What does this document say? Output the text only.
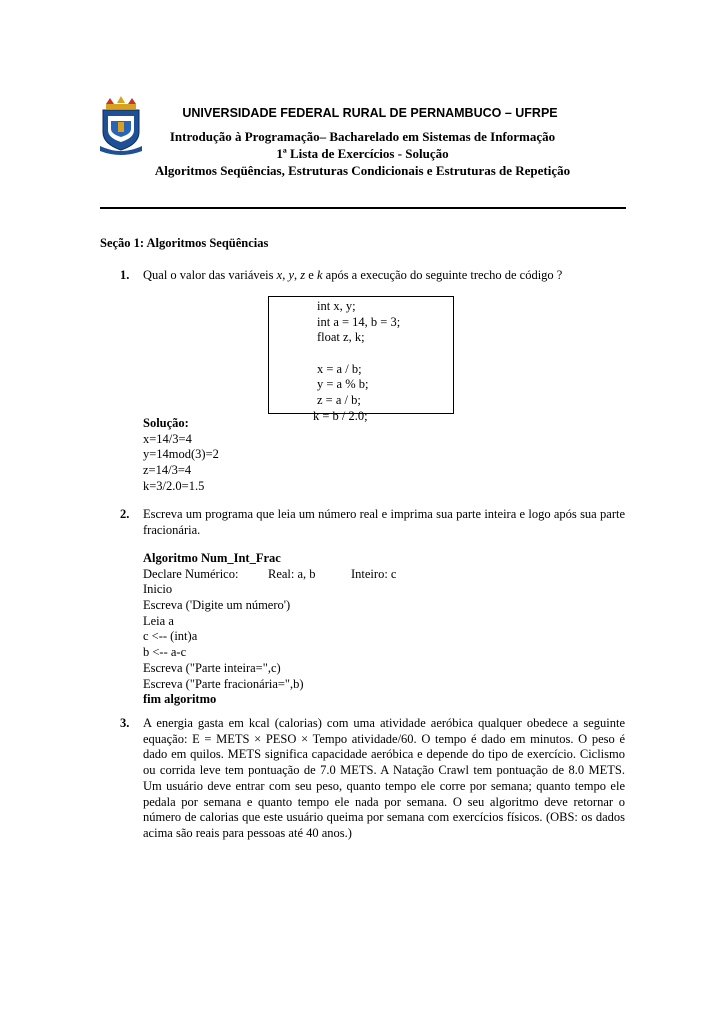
UNIVERSIDADE FEDERAL RURAL DE PERNAMBUCO – UFRPE
Introdução à Programação– Bacharelado em Sistemas de Informação
1ª Lista de Exercícios - Solução
Algoritmos Seqüências, Estruturas Condicionais e Estruturas de Repetição
Seção 1: Algoritmos Seqüências
1. Qual o valor das variáveis x, y, z e k após a execução do seguinte trecho de código ?
int x, y;
int a = 14, b = 3;
float z, k;
x = a / b;
y = a % b;
z = a / b;
k = b / 2.0;
Solução:
x=14/3=4
y=14mod(3)=2
z=14/3=4
k=3/2.0=1.5
2. Escreva um programa que leia um número real e imprima sua parte inteira e logo após sua parte fracionária.
Algoritmo Num_Int_Frac
Declare Numérico: Real: a, b	Inteiro: c
Inicio
Escreva ('Digite um número')
Leia a
c <-- (int)a
b <-- a-c
Escreva ("Parte inteira=",c)
Escreva ("Parte fracionária=",b)
fim algoritmo
3. A energia gasta em kcal (calorias) com uma atividade aeróbica qualquer obedece a seguinte equação: E = METS × PESO × Tempo atividade/60. O tempo é dado em minutos. O peso é dado em quilos. METS significa capacidade aeróbica e depende do tipo de exercício. Ciclismo ou corrida leve tem pontuação de 7.0 METS. A Natação Crawl tem pontuação de 8.0 METS. Um usuário deve entrar com seu peso, quanto tempo ele corre por semana; quanto tempo ele pedala por semana e quanto tempo ele nada por semana. O seu algoritmo deve retornar o número de calorias que este usuário queima por semana com exercícios físicos. (OBS: os dados acima são reais para pessoas até 40 anos.)
